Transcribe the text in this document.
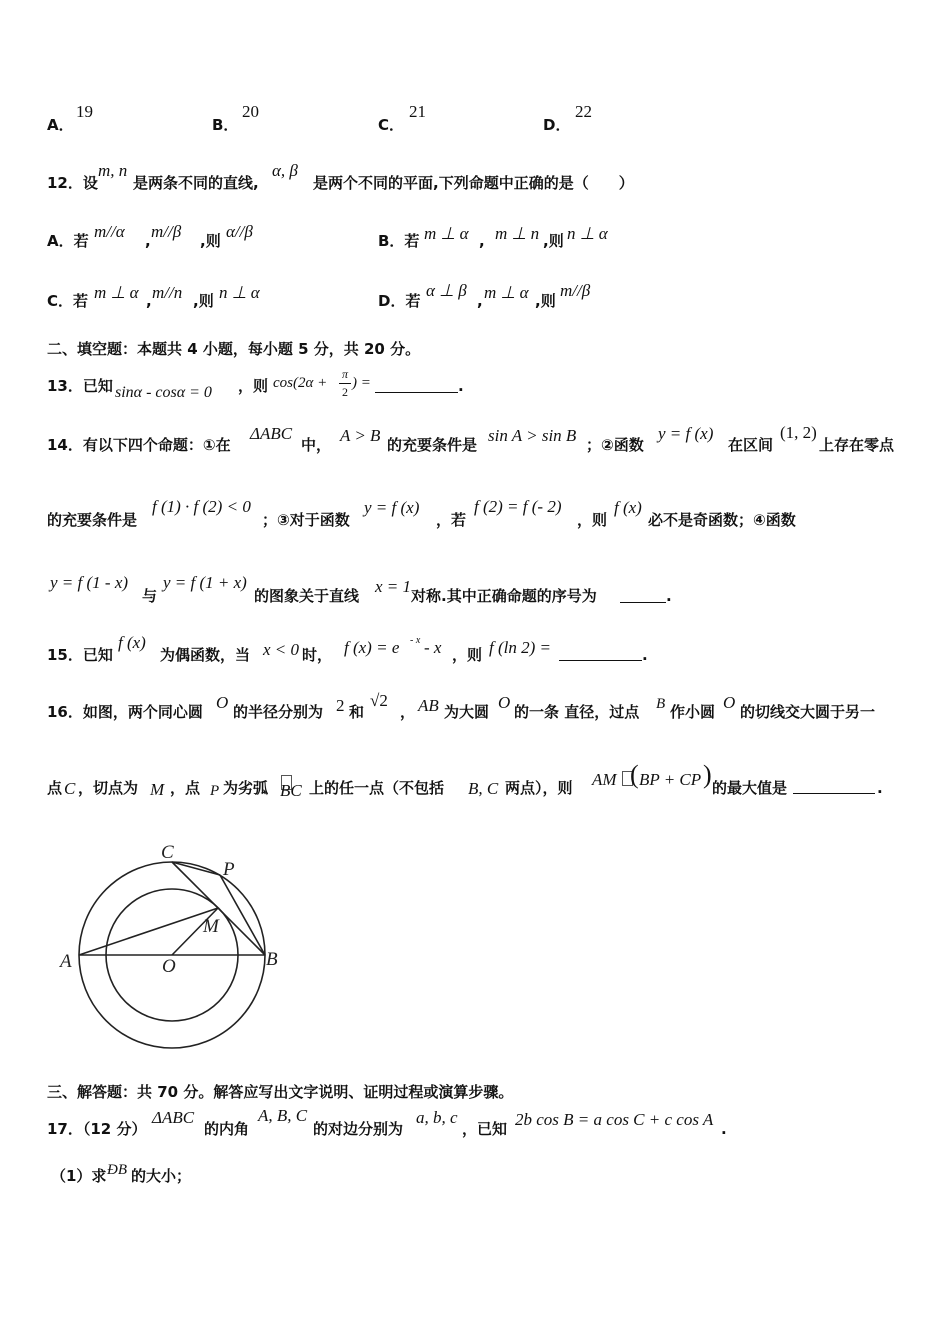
A．
19
B．
20
C．
21
D．
22
12．设
m, n
是两条不同的直线,
α, β
是两个不同的平面,下列命题中正确的是（　　）
A．若 m//α , m//β ,则 α//β	B．若 m ⊥ α , m ⊥ n ,则 n ⊥ α
C．若 m ⊥ α , m//n ,则 n ⊥ α	D．若
α ⊥ β
, m ⊥ α ,则
m//β
二、填空题：本题共 4 小题，每小题 5 分，共 20 分。
13．已知 sinα - cosα = 0 ，则 cos(2α +
π
2
) =	.
14．有以下四个命题：①在
ΔABC
中， A > B 的充要条件是 sin A > sin B ；②函数
y = f (x)
在区间
(1, 2)
上存在零点
的充要条件是
f (1) · f (2) < 0
；③对于函数
y = f (x)
，若
f (2) = f (- 2)
，则
f (x)
必不是奇函数；④函数
y = f (1 - x)
与
y = f (1 + x)
的图象关于直线 x = 1 对称.其中正确命题的序号为	.
15．已知
f (x)
为偶函数，当 x < 0 时， f (x) = e - x - x ，则 f (ln 2) =	.
16．如图，两个同心圆 O 的半径分别为 2 和
√2
， AB 为大圆 O 的一条 直径，过点 B 作小圆 O 的切线交大圆于另一
点 C ，切点为 M ，点 P 为劣弧 BC 上的任一点（不包括 B, C 两点），则 AM ( BP + CP ) 的最大值是	.
A	B
C
P
M
O
三、解答题：共 70 分。解答应写出文字说明、证明过程或演算步骤。
17．（12 分）
ΔABC
的内角
A, B, C
的对边分别为
a, b, c
，已知 2b cos B = a cos C + c cos A .
（1）求 ÐB 的大小；
